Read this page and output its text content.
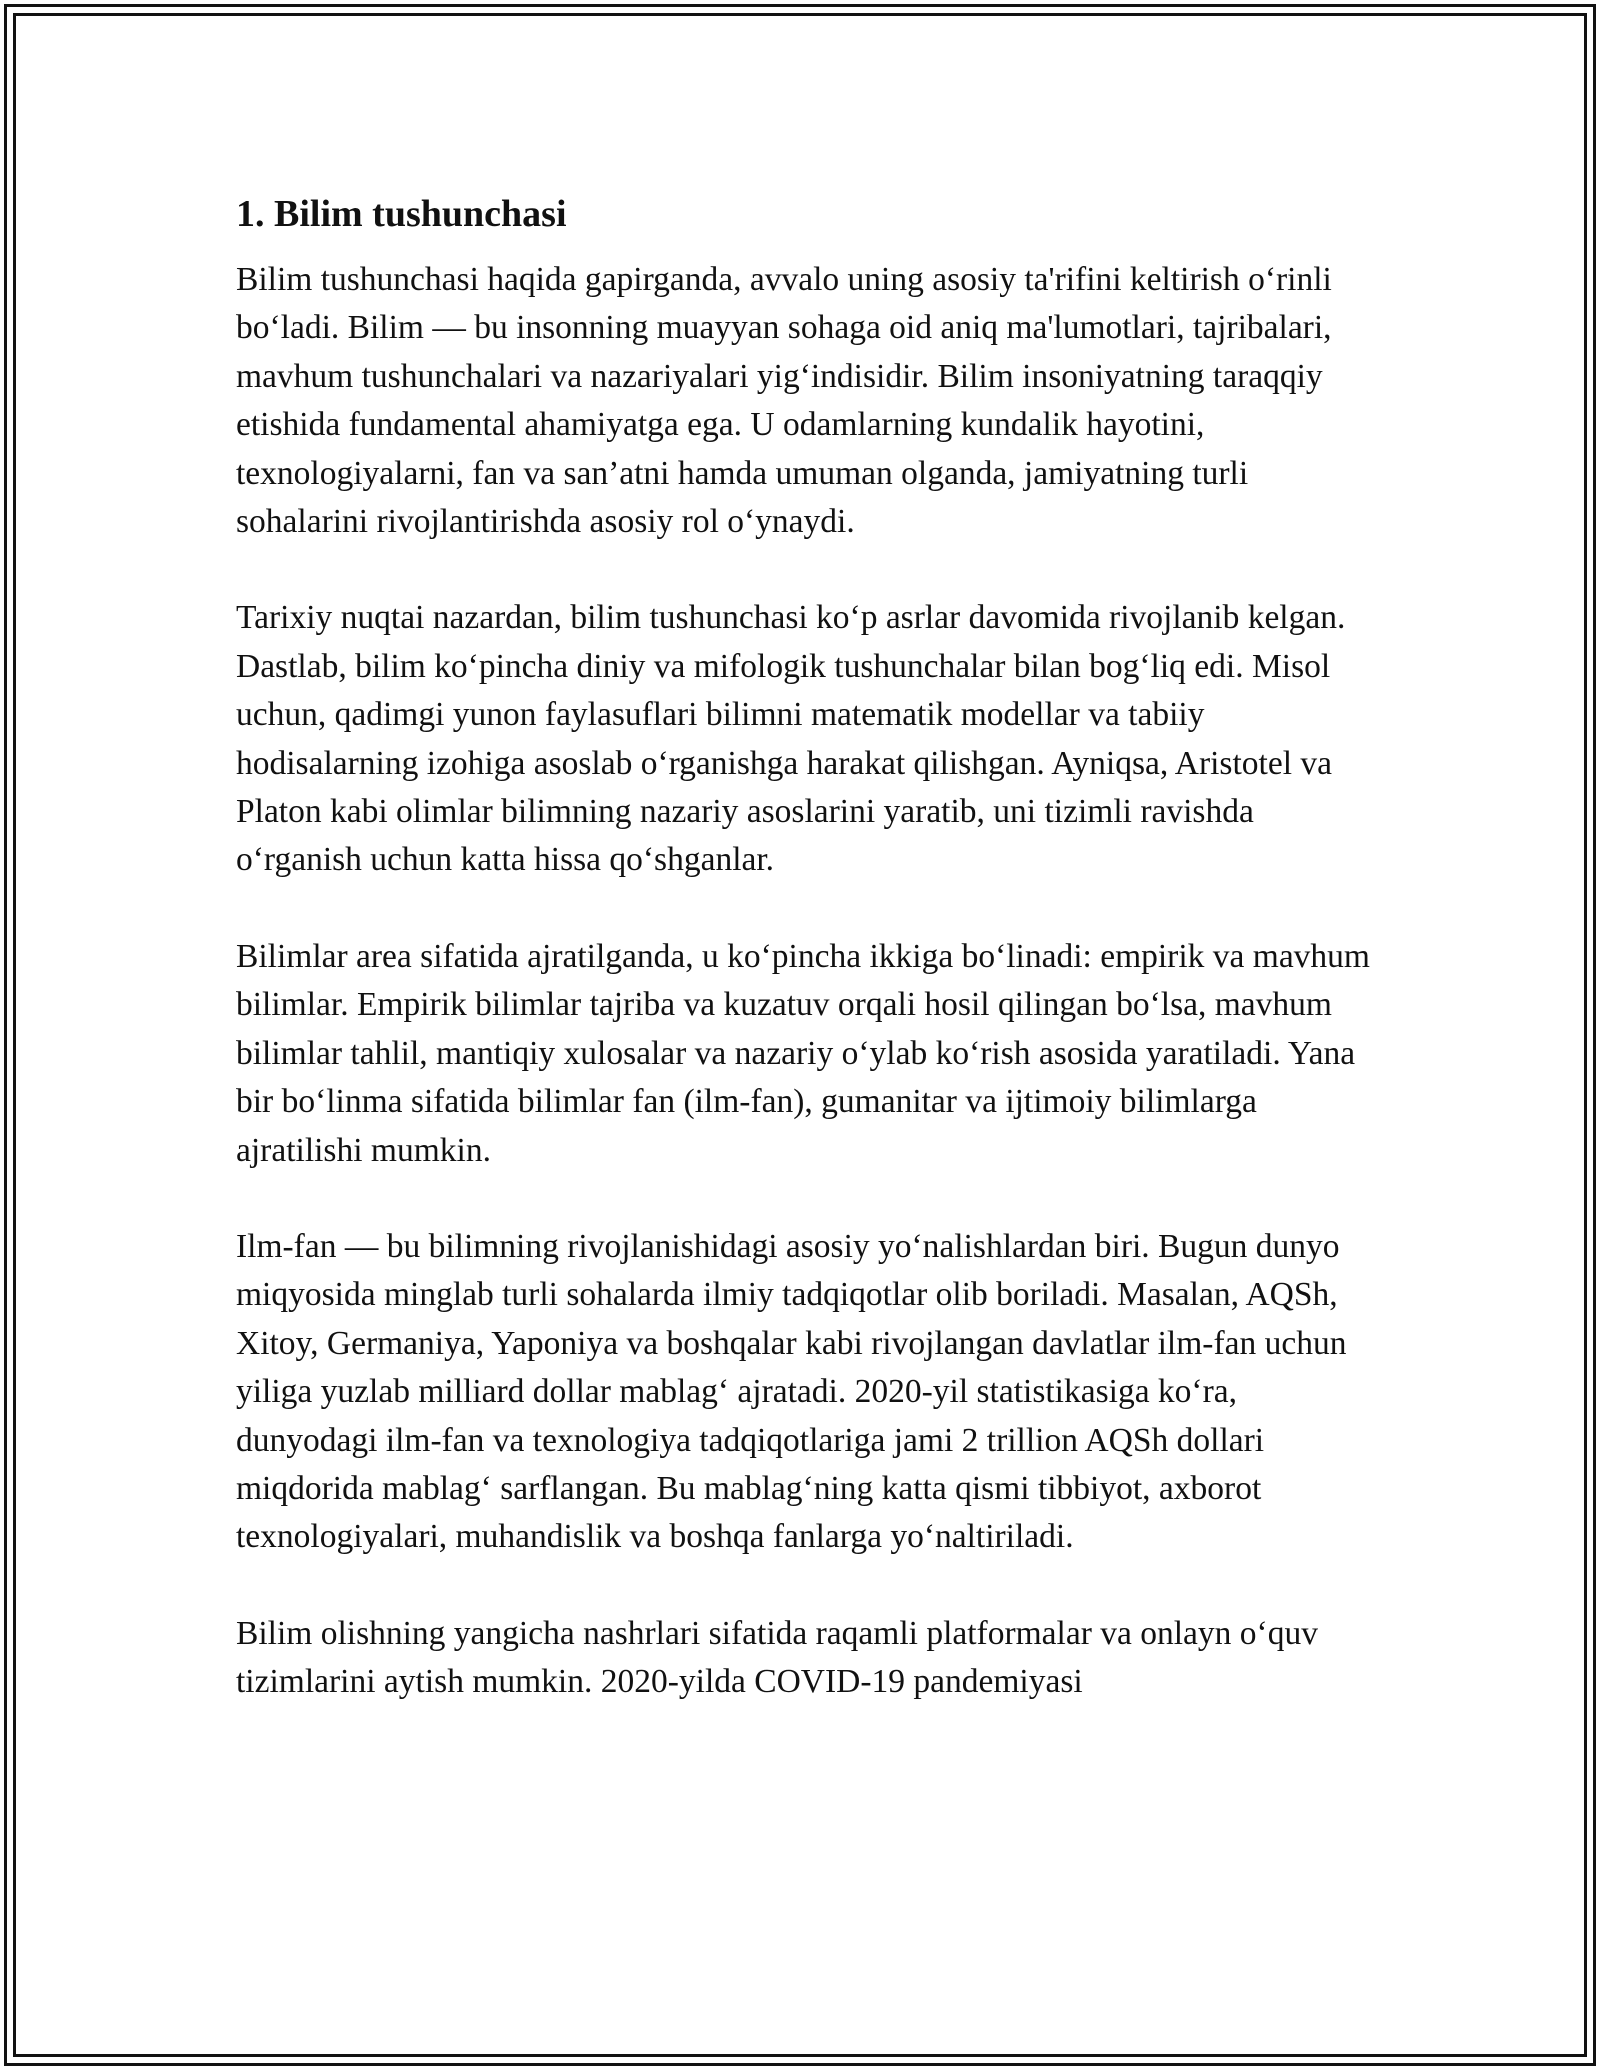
1. Bilim tushunchasi

Bilim tushunchasi haqida gapirganda, avvalo uning asosiy ta'rifini keltirish o‘rinli bo‘ladi. Bilim — bu insonning muayyan sohaga oid aniq ma'lumotlari, tajribalari, mavhum tushunchalari va nazariyalari yig‘indisidir. Bilim insoniyatning taraqqiy etishida fundamental ahamiyatga ega. U odamlarning kundalik hayotini, texnologiyalarni, fan va san’atni hamda umuman olganda, jamiyatning turli sohalarini rivojlantirishda asosiy rol o‘ynaydi.

Tarixiy nuqtai nazardan, bilim tushunchasi ko‘p asrlar davomida rivojlanib kelgan. Dastlab, bilim ko‘pincha diniy va mifologik tushunchalar bilan bog‘liq edi. Misol uchun, qadimgi yunon faylasuflari bilimni matematik modellar va tabiiy hodisalarning izohiga asoslab o‘rganishga harakat qilishgan. Ayniqsa, Aristotel va Platon kabi olimlar bilimning nazariy asoslarini yaratib, uni tizimli ravishda o‘rganish uchun katta hissa qo‘shganlar.

Bilimlar area sifatida ajratilganda, u ko‘pincha ikkiga bo‘linadi: empirik va mavhum bilimlar. Empirik bilimlar tajriba va kuzatuv orqali hosil qilingan bo‘lsa, mavhum bilimlar tahlil, mantiqiy xulosalar va nazariy o‘ylab ko‘rish asosida yaratiladi. Yana bir bo‘linma sifatida bilimlar fan (ilm-fan), gumanitar va ijtimoiy bilimlarga ajratilishi mumkin.

Ilm-fan — bu bilimning rivojlanishidagi asosiy yo‘nalishlardan biri. Bugun dunyo miqyosida minglab turli sohalarda ilmiy tadqiqotlar olib boriladi. Masalan, AQSh, Xitoy, Germaniya, Yaponiya va boshqalar kabi rivojlangan davlatlar ilm-fan uchun yiliga yuzlab milliard dollar mablag‘ ajratadi. 2020-yil statistikasiga ko‘ra, dunyodagi ilm-fan va texnologiya tadqiqotlariga jami 2 trillion AQSh dollari miqdorida mablag‘ sarflangan. Bu mablag‘ning katta qismi tibbiyot, axborot texnologiyalari, muhandislik va boshqa fanlarga yo‘naltiriladi.

Bilim olishning yangicha nashrlari sifatida raqamli platformalar va onlayn o‘quv tizimlarini aytish mumkin. 2020-yilda COVID-19 pandemiyasi
